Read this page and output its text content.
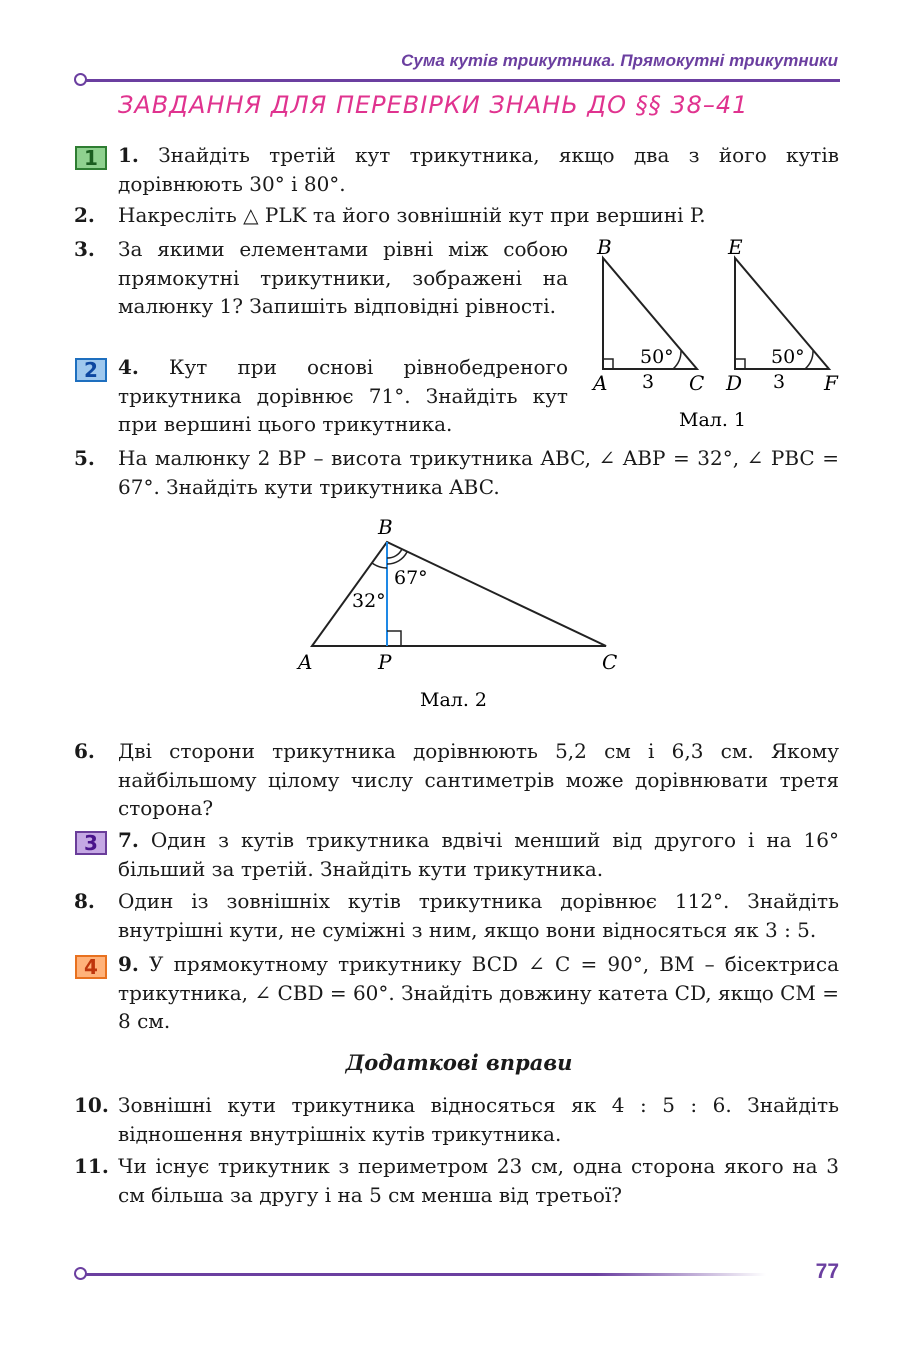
Сума кутів трикутника. Прямокутні трикутники
ЗАВДАННЯ ДЛЯ ПЕРЕВІРКИ ЗНАНЬ ДО §§ 38–41
1	1. Знайдіть третій кут трикутника, якщо два з його кутів дорівнюють 30° і 80°.
2. Накресліть △ PLK та його зовнішній кут при вершині P.
3. За якими елементами рівні між собою прямокутні трикутники, зображені на малюнку 1? Запишіть відповідні рівності.
2	4. Кут при основі рівнобедреного трикутника дорівнює 71°. Знайдіть кут при вершині цього трикутника.
B
A	C
50°
3
E
D	F
50°
3
Мал. 1
5. На малюнку 2 BP – висота трикутника ABC, ∠ ABP = 32°, ∠ PBC = 67°. Знайдіть кути трикутника ABC.
B
A	P	C
32°
67°
Мал. 2
6. Дві сторони трикутника дорівнюють 5,2 см і 6,3 см. Якому найбільшому цілому числу сантиметрів може дорівнювати третя сторона?
3	7. Один з кутів трикутника вдвічі менший від другого і на 16° більший за третій. Знайдіть кути трикутника.
8. Один із зовнішніх кутів трикутника дорівнює 112°. Знайдіть внутрішні кути, не суміжні з ним, якщо вони відносяться як 3 : 5.
4	9. У прямокутному трикутнику BCD ∠ C = 90°, BM – бісектриса трикутника, ∠ CBD = 60°. Знайдіть довжину катета CD, якщо CM = 8 см.
Додаткові вправи
10. Зовнішні кути трикутника відносяться як 4 : 5 : 6. Знайдіть відношення внутрішніх кутів трикутника.
11. Чи існує трикутник з периметром 23 см, одна сторона якого на 3 см більша за другу і на 5 см менша від третьої?
77
